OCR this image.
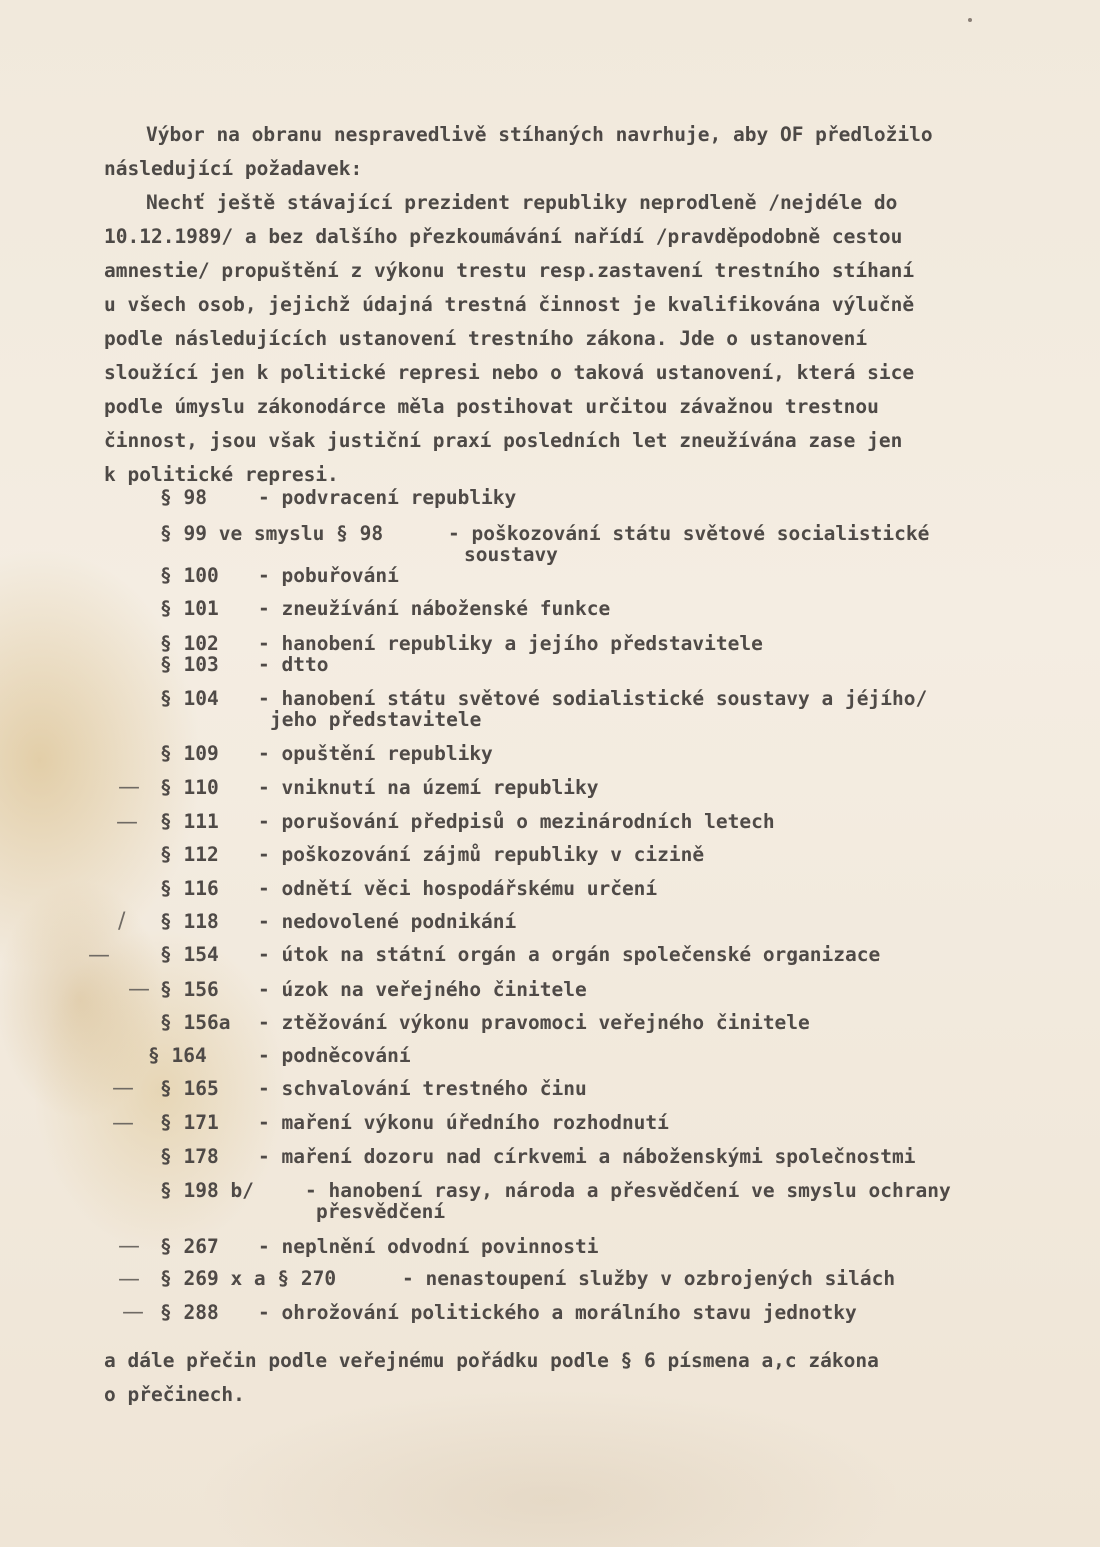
Výbor na obranu nespravedlivě stíhaných navrhuje, aby OF předložilo
následující požadavek:
Nechť ještě stávající prezident republiky neprodleně /nejdéle do
10.12.1989/ a bez dalšího přezkoumávání nařídí /pravděpodobně cestou
amnestie/ propuštění z výkonu trestu resp.zastavení trestního stíhaní
u všech osob, jejichž údajná trestná činnost je kvalifikována výlučně
podle následujících ustanovení trestního zákona. Jde o ustanovení
sloužící jen k politické represi nebo o taková ustanovení, která sice
podle úmyslu zákonodárce měla postihovat určitou závažnou trestnou
činnost, jsou však justiční praxí posledních let zneužívána zase jen
k politické represi.
§ 98	- podvracení republiky
§ 99 ve smyslu § 98	- poškozování státu světové socialistické
soustavy
§ 100 - pobuřování
§ 101 - zneužívání náboženské funkce
§ 102 - hanobení republiky a jejího představitele
§ 103 - dtto
§ 104 - hanobení státu světové sodialistické soustavy a jéjího/
jeho představitele
§ 109 - opuštění republiky
— § 110 - vniknutí na území republiky
— § 111 - porušování předpisů o mezinárodních letech
§ 112 - poškozování zájmů republiky v cizině
§ 116 - odnětí věci hospodářskému určení
/ § 118 - nedovolené podnikání
—	§ 154 - útok na státní orgán a orgán společenské organizace
— § 156 - úzok na veřejného činitele
§ 156a - ztěžování výkonu pravomoci veřejného činitele
§ 164	- podněcování
— § 165 - schvalování trestného činu
— § 171 - maření výkonu úředního rozhodnutí
§ 178 - maření dozoru nad církvemi a náboženskými společnostmi
§ 198 b/	- hanobení rasy, národa a přesvědčení ve smyslu ochrany
přesvědčení
— § 267 - neplnění odvodní povinnosti
— § 269 x a § 270	- nenastoupení služby v ozbrojených silách
— § 288 - ohrožování politického a morálního stavu jednotky
a dále přečin podle veřejnému pořádku podle § 6 písmena a,c zákona
o přečinech.
